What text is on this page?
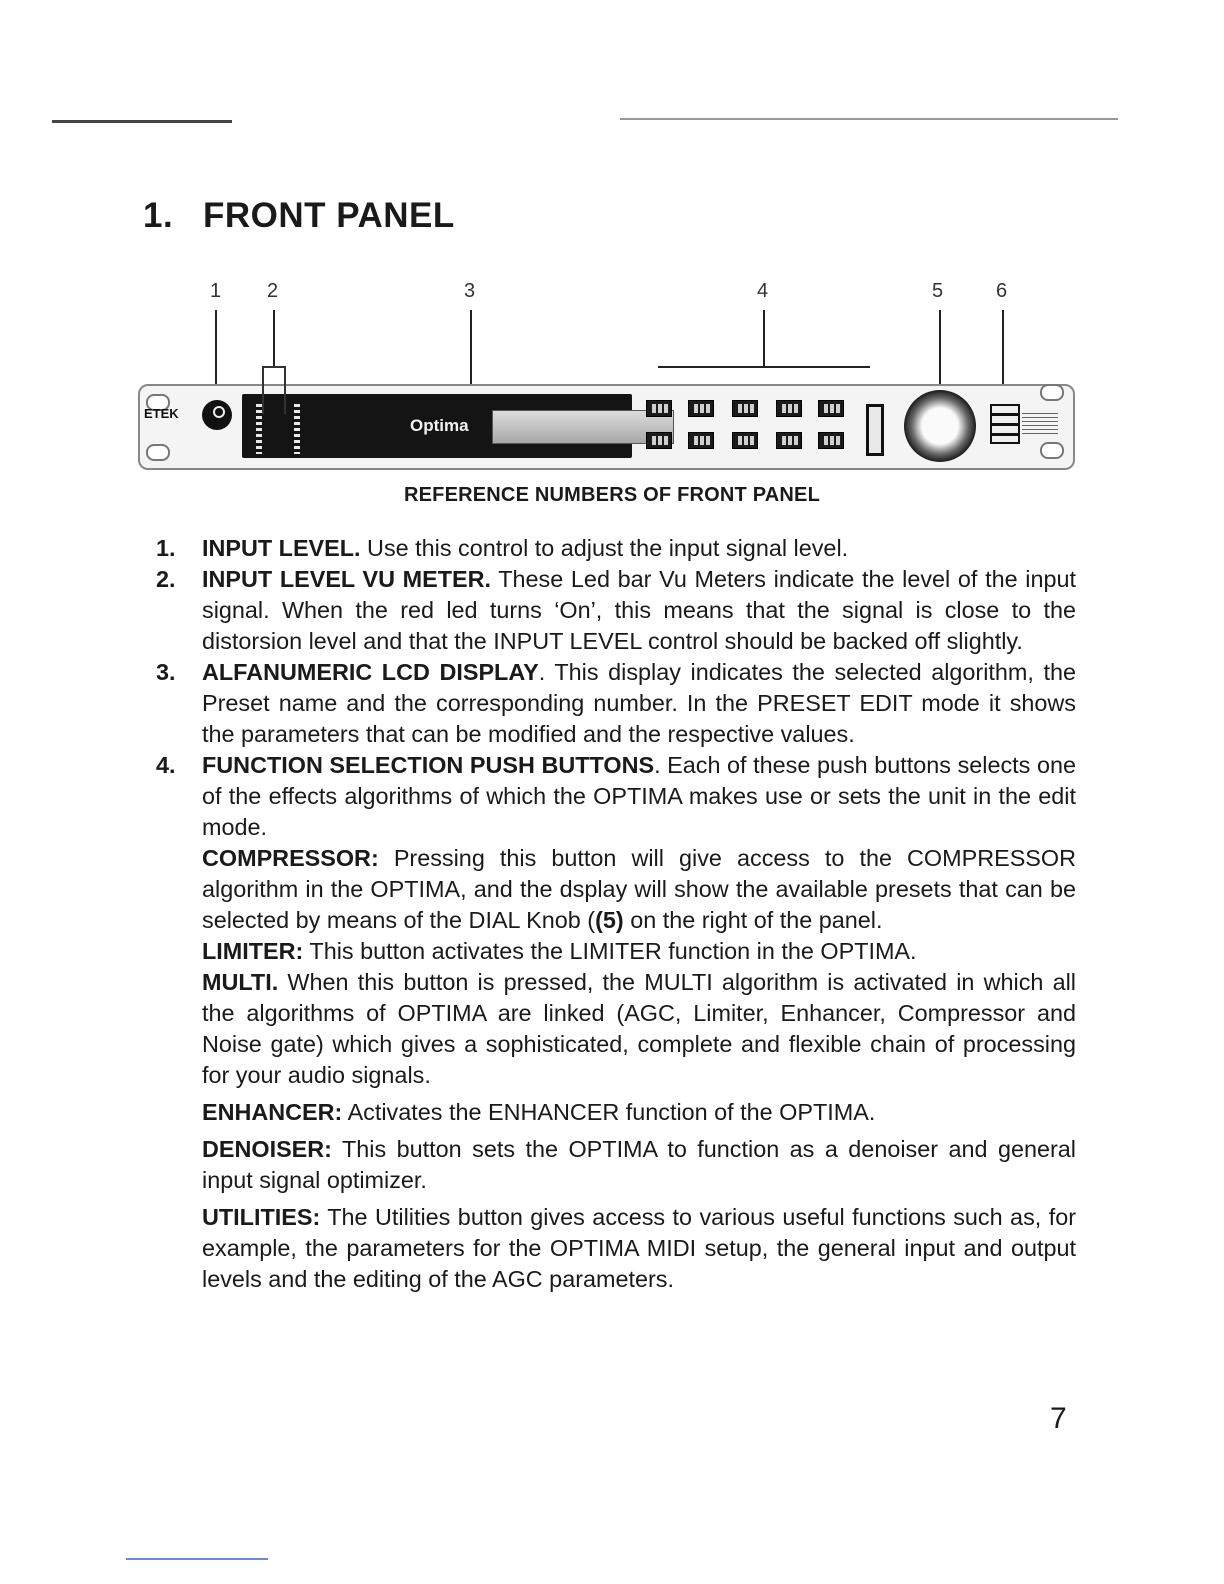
1. FRONT PANEL
1 2	3	4	5	6
ETEK
Optima
REFERENCE NUMBERS OF FRONT PANEL
1. INPUT LEVEL. Use this control to adjust the input signal level.
2. INPUT LEVEL VU METER. These Led bar Vu Meters indicate the level of the input signal. When the red led turns ‘On’, this means that the signal is close to the distorsion level and that the INPUT LEVEL control should be backed off slightly.
3. ALFANUMERIC LCD DISPLAY. This display indicates the selected algorithm, the Preset name and the corresponding number. In the PRESET EDIT mode it shows the parameters that can be modified and the respective values.
4. FUNCTION SELECTION PUSH BUTTONS. Each of these push buttons selects one of the effects algorithms of which the OPTIMA makes use or sets the unit in the edit mode.
COMPRESSOR: Pressing this button will give access to the COMPRESSOR algorithm in the OPTIMA, and the dsplay will show the available presets that can be selected by means of the DIAL Knob ((5) on the right of the panel.
LIMITER: This button activates the LIMITER function in the OPTIMA.
MULTI. When this button is pressed, the MULTI algorithm is activated in which all the algorithms of OPTIMA are linked (AGC, Limiter, Enhancer, Compressor and Noise gate) which gives a sophisticated, complete and flexible chain of processing for your audio signals.
ENHANCER: Activates the ENHANCER function of the OPTIMA.
DENOISER: This button sets the OPTIMA to function as a denoiser and general input signal optimizer.
UTILITIES: The Utilities button gives access to various useful functions such as, for example, the parameters for the OPTIMA MIDI setup, the general input and output levels and the editing of the AGC parameters.
7
